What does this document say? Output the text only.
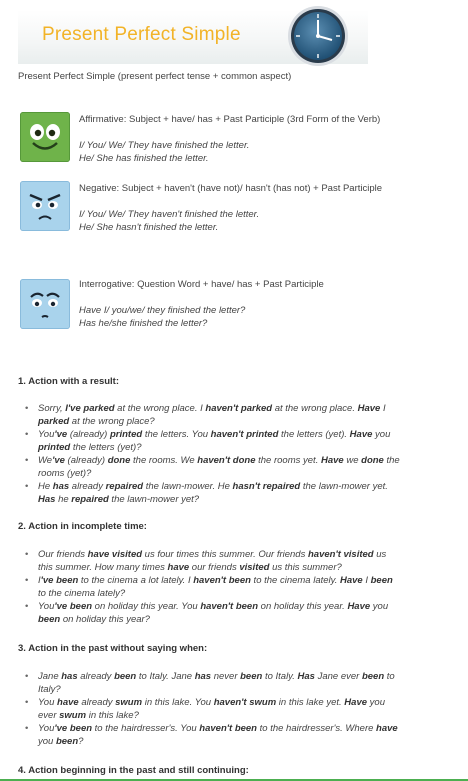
Present Perfect Simple
Present Perfect Simple (present perfect tense + common aspect)
Affirmative: Subject + have/ has + Past Participle (3rd Form of the Verb)
I/ You/ We/ They have finished the letter.
He/ She has finished the letter.
Negative: Subject + haven't (have not)/ hasn't (has not) + Past Participle
I/ You/ We/ They haven't finished the letter.
He/ She hasn't finished the letter.
Interrogative: Question Word + have/ has + Past Participle
Have I/ you/we/ they finished the letter?
Has he/she finished the letter?
1. Action with a result:
• Sorry, I've parked at the wrong place. I haven't parked at the wrong place. Have I parked at the wrong place?
• You've (already) printed the letters. You haven't printed the letters (yet). Have you printed the letters (yet)?
• We've (already) done the rooms. We haven't done the rooms yet. Have we done the rooms (yet)?
• He has already repaired the lawn-mower. He hasn't repaired the lawn-mower yet. Has he repaired the lawn-mower yet?
2. Action in incomplete time:
• Our friends have visited us four times this summer. Our friends haven't visited us this summer. How many times have our friends visited us this summer?
• I've been to the cinema a lot lately. I haven't been to the cinema lately. Have I been to the cinema lately?
• You've been on holiday this year. You haven't been on holiday this year. Have you been on holiday this year?
3. Action in the past without saying when:
• Jane has already been to Italy. Jane has never been to Italy. Has Jane ever been to Italy?
• You have already swum in this lake. You haven't swum in this lake yet. Have you ever swum in this lake?
• You've been to the hairdresser's. You haven't been to the hairdresser's. Where have you been?
4. Action beginning in the past and still continuing:
